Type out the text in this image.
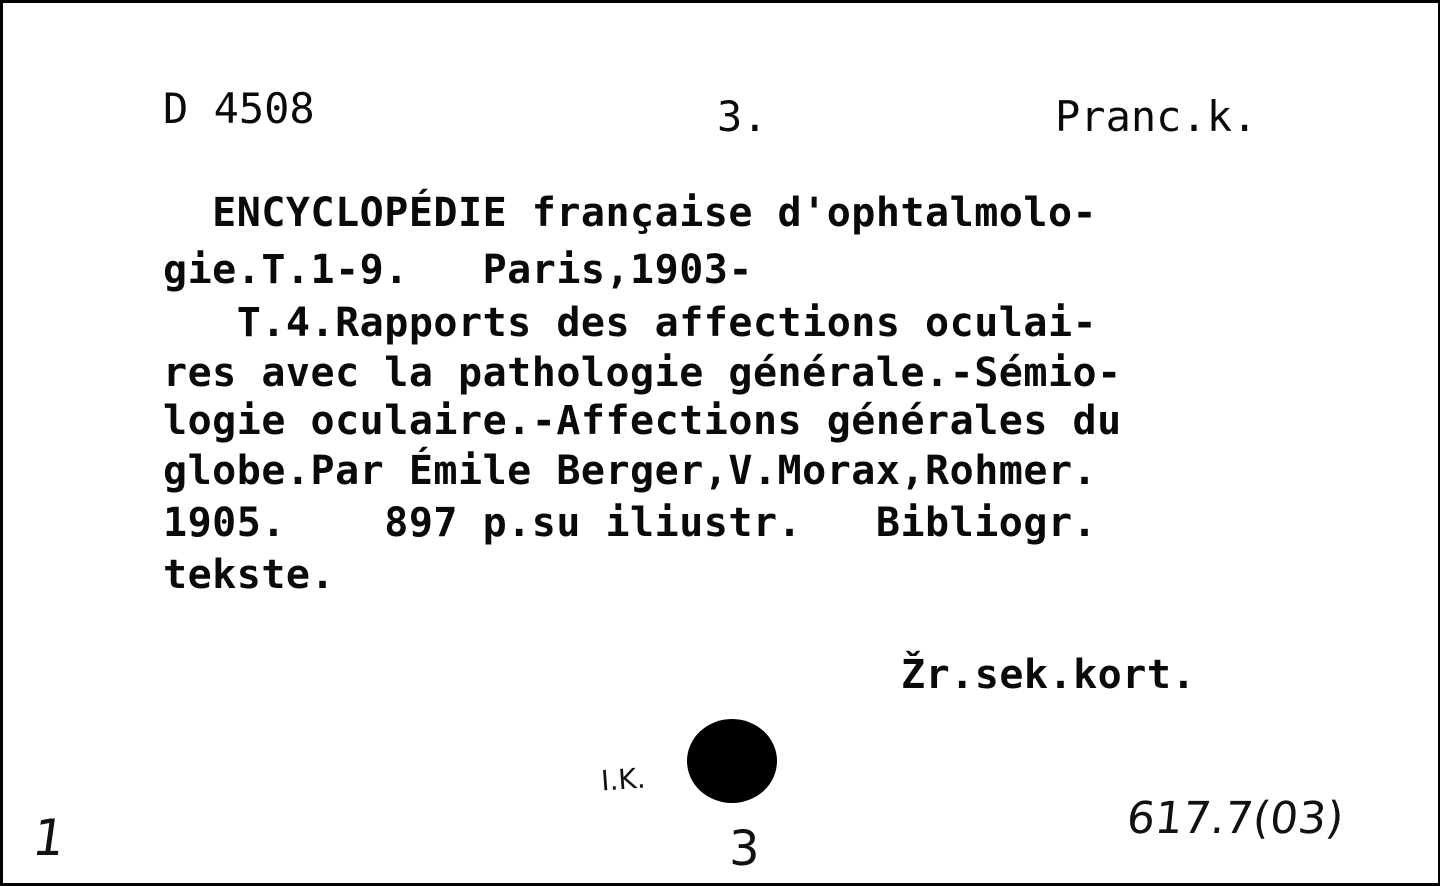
D 4508	3.	Pranc.k.
ENCYCLOPÉDIE française d'ophtalmolo-
gie.T.1-9.   Paris,1903-
T.4.Rapports des affections oculai-
res avec la pathologie générale.-Sémio-
logie oculaire.-Affections générales du
globe.Par Émile Berger,V.Morax,Rohmer.
1905.    897 p.su iliustr.   Bibliogr.
tekste.
Žr.sek.kort.
1
I.K.
3
617.7(03)
